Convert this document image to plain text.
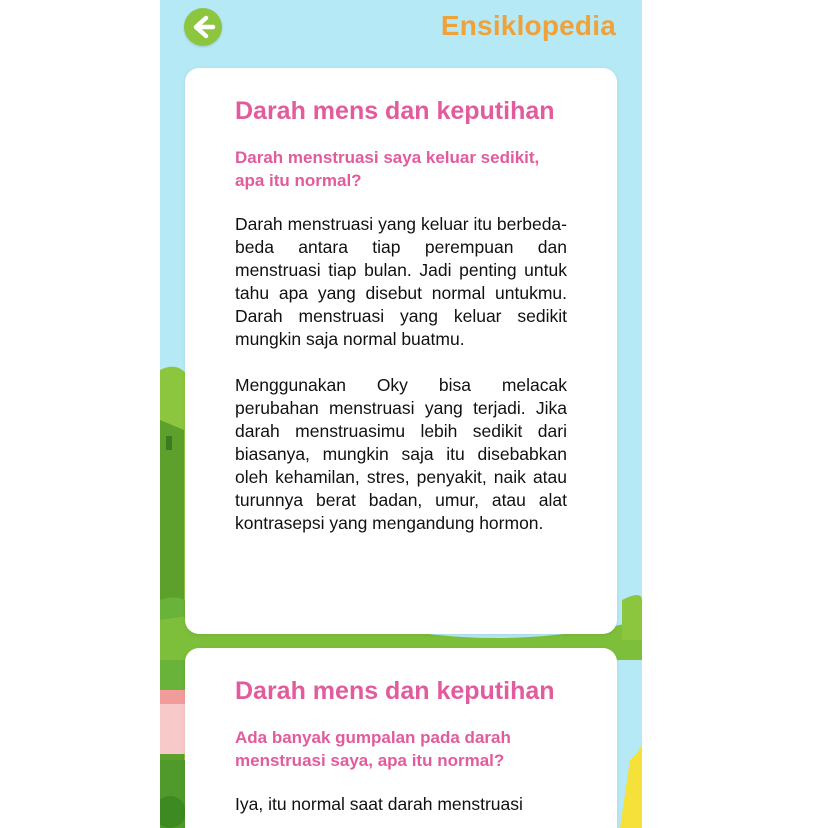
Ensiklopedia
Darah mens dan keputihan

Darah menstruasi saya keluar sedikit, apa itu normal?

Darah menstruasi yang keluar itu berbeda-beda antara tiap perempuan dan menstruasi tiap bulan. Jadi penting untuk tahu apa yang disebut normal untukmu. Darah menstruasi yang keluar sedikit mungkin saja normal buatmu.

Menggunakan Oky bisa melacak perubahan menstruasi yang terjadi. Jika darah menstruasimu lebih sedikit dari biasanya, mungkin saja itu disebabkan oleh kehamilan, stres, penyakit, naik atau turunnya berat badan, umur, atau alat kontrasepsi yang mengandung hormon.

Darah mens dan keputihan

Ada banyak gumpalan pada darah menstruasi saya, apa itu normal?

Iya, itu normal saat darah menstruasi
